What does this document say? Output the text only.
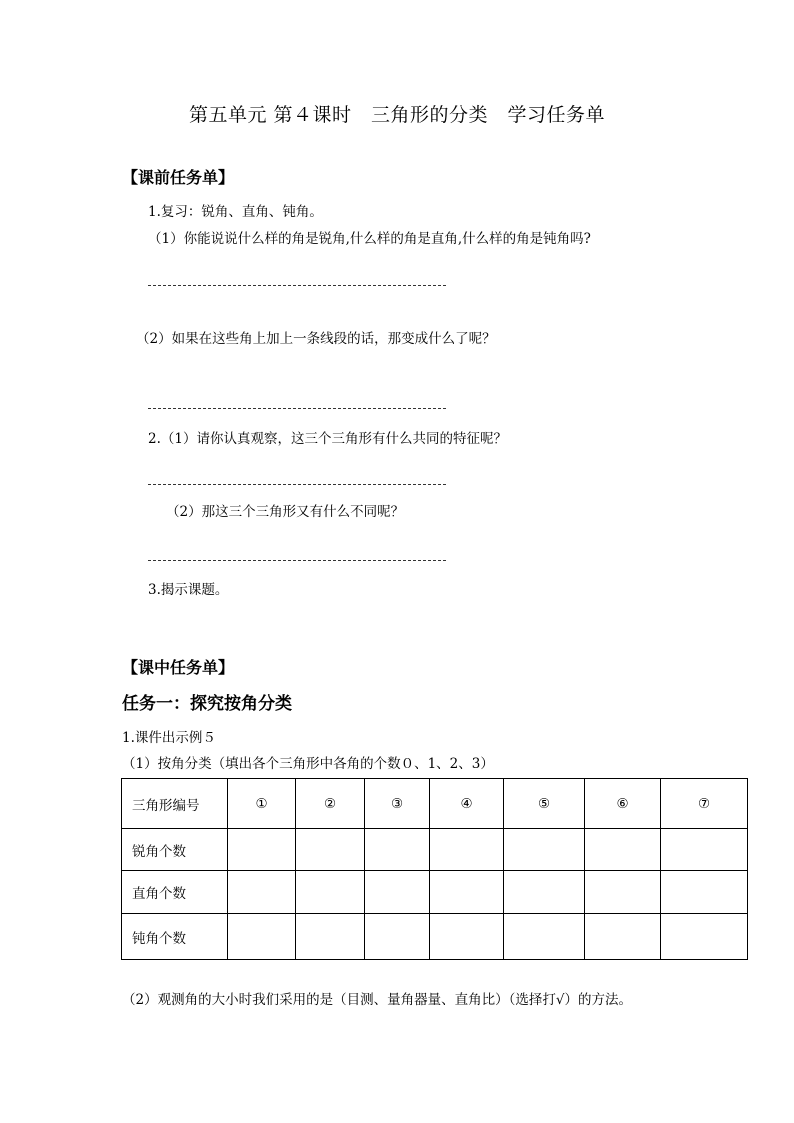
第五单元 第４课时　三角形的分类　学习任务单
【课前任务单】
1.复习：锐角、直角、钝角。
（1）你能说说什么样的角是锐角,什么样的角是直角,什么样的角是钝角吗?
（2）如果在这些角上加上一条线段的话，那变成什么了呢？
2.（1）请你认真观察，这三个三角形有什么共同的特征呢？
（2）那这三个三角形又有什么不同呢？
3.揭示课题。
【课中任务单】
任务一：探究按角分类
1.课件出示例５
（1）按角分类（填出各个三角形中各角的个数０、1、2、3）
三角形编号	①	②	③	④	⑤	⑥	⑦
锐角个数							
直角个数							
钝角个数							
（2）观测角的大小时我们采用的是（目测、量角器量、直角比）（选择打√）的方法。
